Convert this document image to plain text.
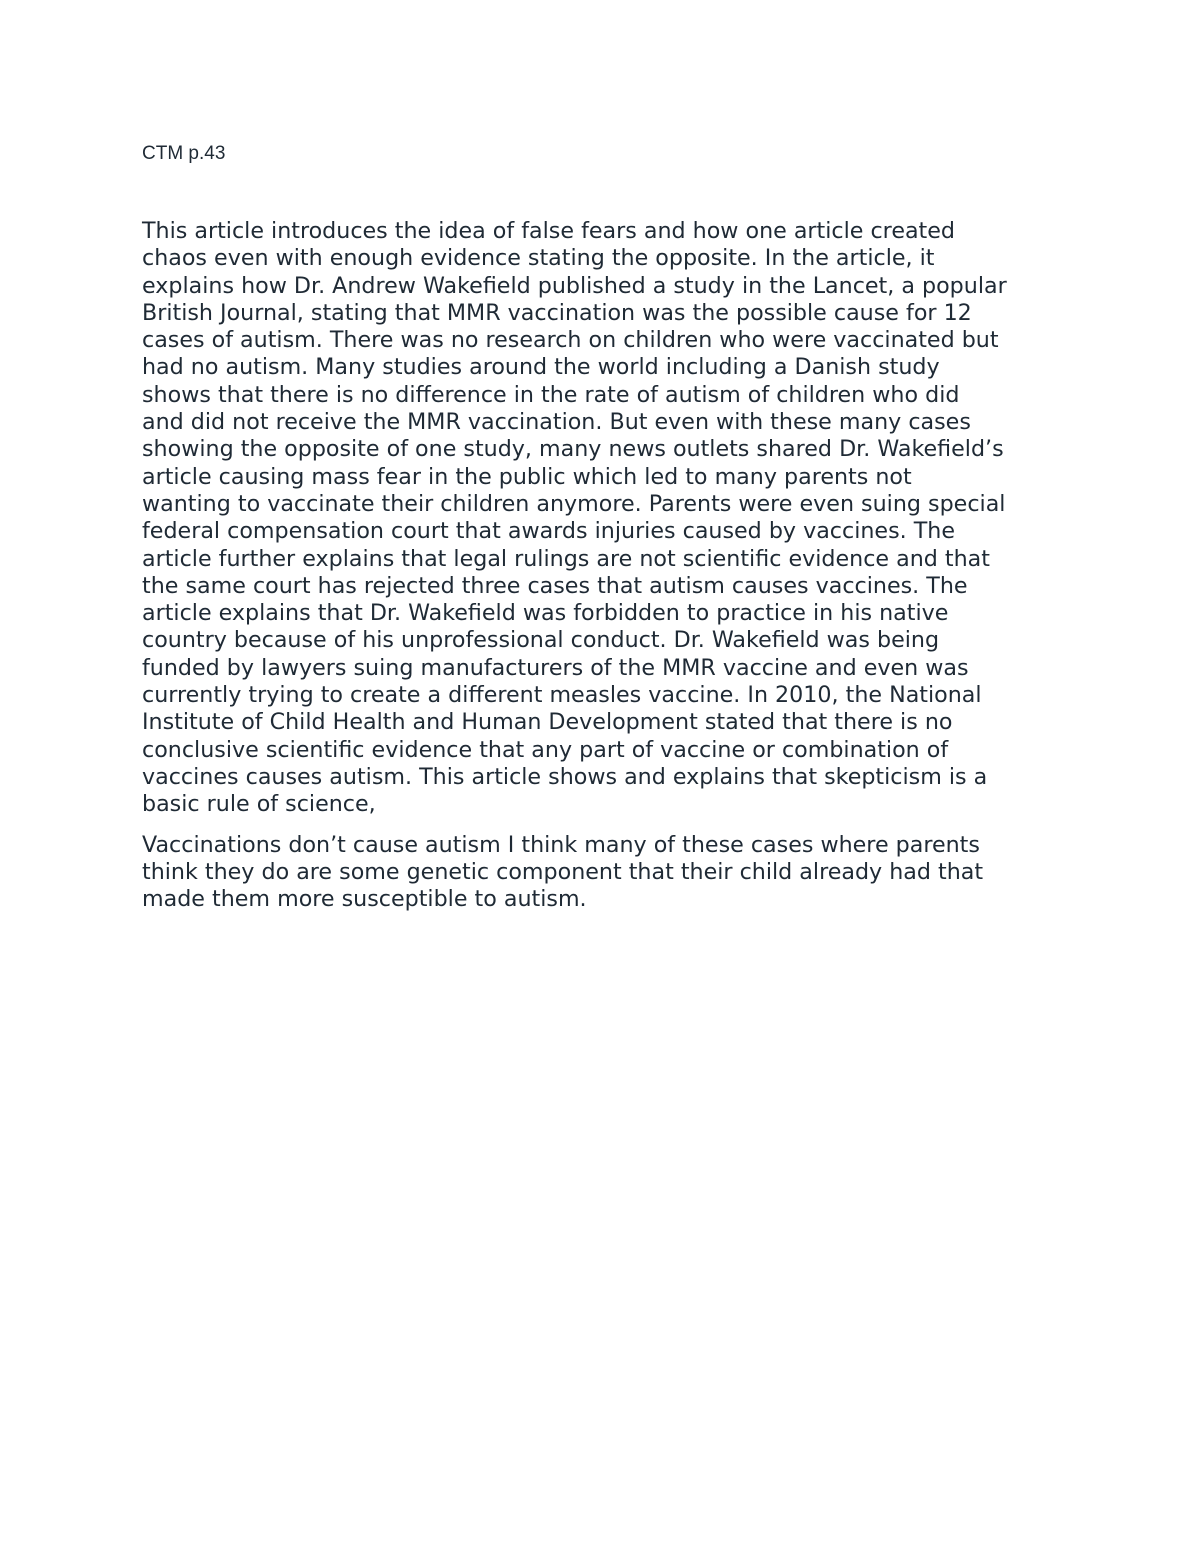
CTM p.43

This article introduces the idea of false fears and how one article created
chaos even with enough evidence stating the opposite. In the article, it
explains how Dr. Andrew Wakefield published a study in the Lancet, a popular
British Journal, stating that MMR vaccination was the possible cause for 12
cases of autism. There was no research on children who were vaccinated but
had no autism. Many studies around the world including a Danish study
shows that there is no difference in the rate of autism of children who did
and did not receive the MMR vaccination. But even with these many cases
showing the opposite of one study, many news outlets shared Dr. Wakefield’s
article causing mass fear in the public which led to many parents not
wanting to vaccinate their children anymore. Parents were even suing special
federal compensation court that awards injuries caused by vaccines. The
article further explains that legal rulings are not scientific evidence and that
the same court has rejected three cases that autism causes vaccines. The
article explains that Dr. Wakefield was forbidden to practice in his native
country because of his unprofessional conduct. Dr. Wakefield was being
funded by lawyers suing manufacturers of the MMR vaccine and even was
currently trying to create a different measles vaccine. In 2010, the National
Institute of Child Health and Human Development stated that there is no
conclusive scientific evidence that any part of vaccine or combination of
vaccines causes autism. This article shows and explains that skepticism is a
basic rule of science,

Vaccinations don’t cause autism I think many of these cases where parents
think they do are some genetic component that their child already had that
made them more susceptible to autism.
